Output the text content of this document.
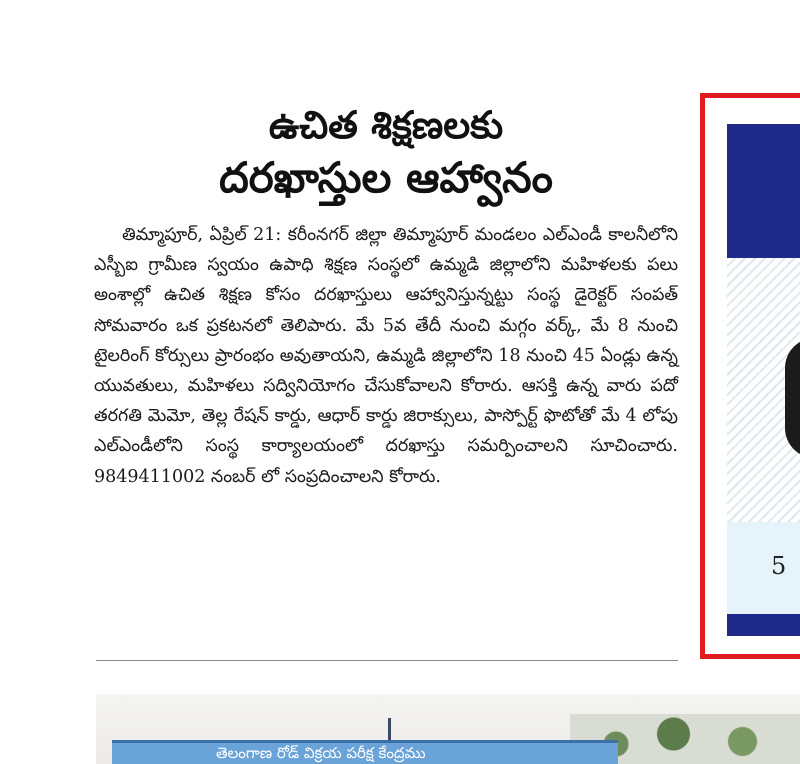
ఉచిత శిక్షణలకు
దరఖాస్తుల ఆహ్వానం

తిమ్మాపూర్, ఏప్రిల్ 21: కరీంనగర్ జిల్లా తిమ్మాపూర్ మండలం ఎల్ఎండీ కాలనీలోని ఎస్బీఐ గ్రామీణ స్వయం ఉపాధి శిక్షణ సంస్థలో ఉమ్మడి జిల్లాలోని మహిళలకు పలు అంశాల్లో ఉచిత శిక్షణ కోసం దరఖాస్తులు ఆహ్వానిస్తున్నట్టు సంస్థ డైరెక్టర్ సంపత్ సోమవారం ఒక ప్రకటనలో తెలిపారు. మే 5వ తేదీ నుంచి మగ్గం వర్క్, మే 8 నుంచి టైలరింగ్ కోర్సులు ప్రారంభం అవుతాయని, ఉమ్మడి జిల్లాలోని 18 నుంచి 45 ఏండ్లు ఉన్న యువతులు, మహిళలు సద్వినియోగం చేసుకోవాలని కోరారు. ఆసక్తి ఉన్న వారు పదో తరగతి మెమో, తెల్ల రేషన్ కార్డు, ఆధార్ కార్డు జిరాక్సులు, పాస్పోర్ట్ ఫొటోతో మే 4 లోపు ఎల్ఎండీలోని సంస్థ కార్యాలయంలో దరఖాస్తు సమర్పించాలని సూచించారు. 9849411002 నంబర్ లో సంప్రదించాలని కోరారు.

5
తెలంగాణ రోడ్ విక్రయ పరీక్ష కేంద్రము
